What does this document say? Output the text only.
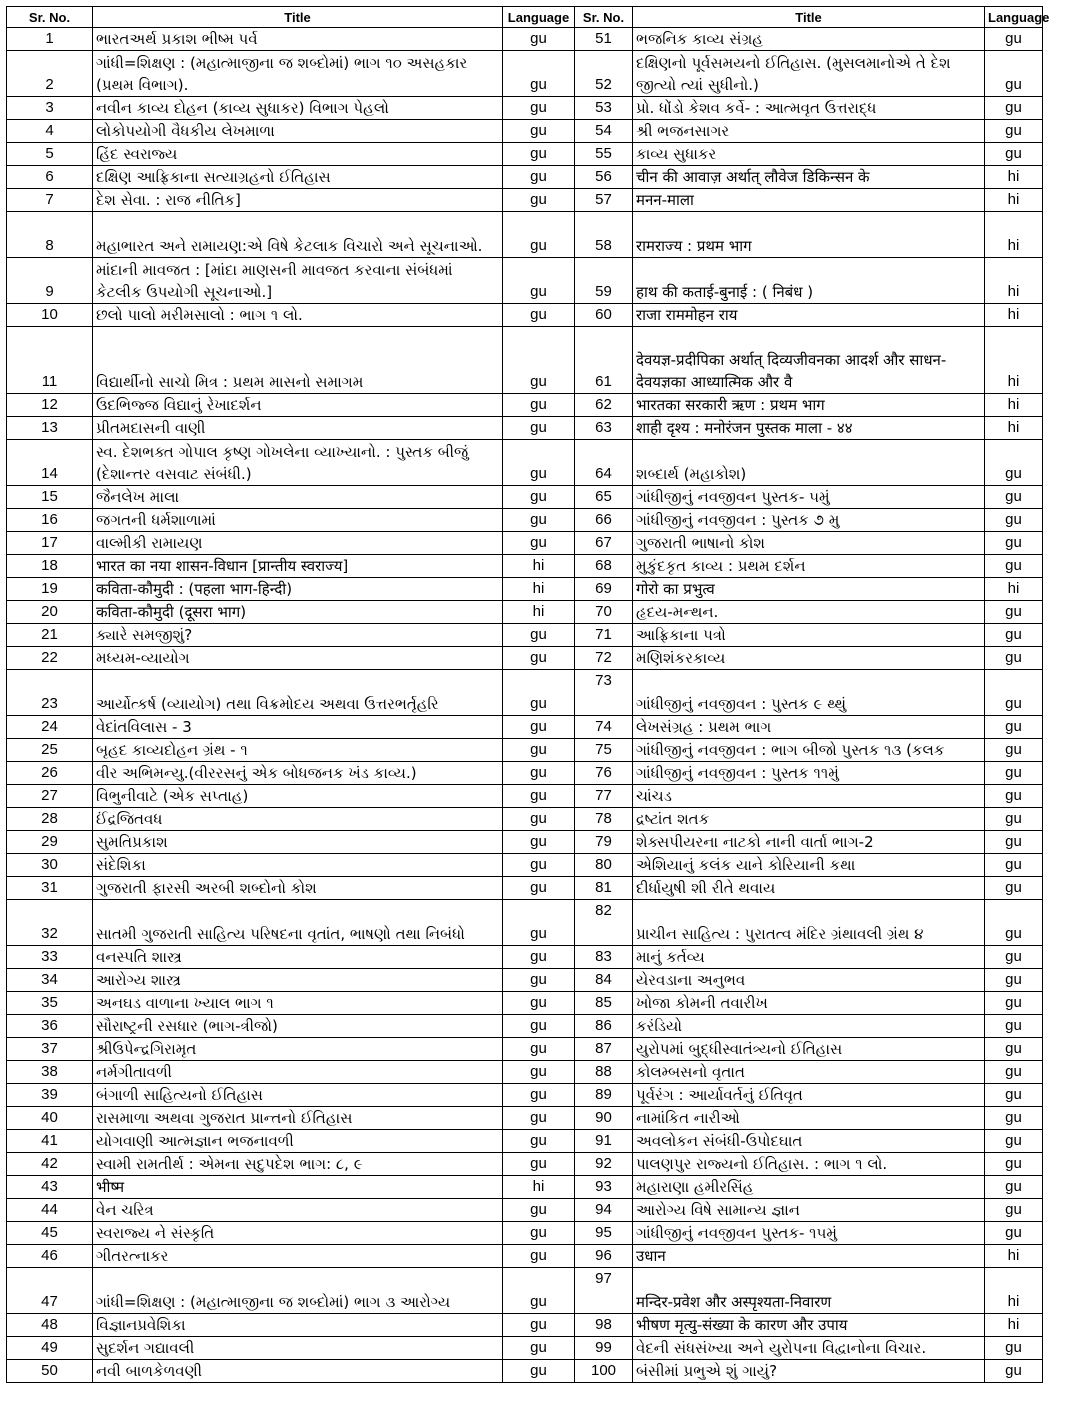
Sr. No.	Title	Language	Sr. No.	Title	Language
1	ભારતઅર્થ પ્રકાશ ભીષ્મ પર્વ	gu	51	ભજનિક કાવ્ય સંગ્રહ	gu
2	ગાંધી=શિક્ષણ : (મહાત્માજીના જ શબ્દોમાં) ભાગ ૧૦ અસહકાર (પ્રથમ વિભાગ).	gu	52	દક્ષિણનો પૂર્વસમયનો ઈતિહાસ. (મુસલમાનોએ તે દેશ જીત્યો ત્યાં સુધીનો.)	gu
3	નવીન કાવ્ય દોહન (કાવ્ય સુધાકર) વિભાગ પેહલો	gu	53	પ્રો. ધોંડો કેશવ કર્વે- : આત્મવૃત ઉત્તરાદ્ધ	gu
4	લોકોપયોગી વૈધકીય લેખમાળા	gu	54	શ્રી ભજનસાગર	gu
5	હિંદ સ્વરાજ્ય	gu	55	કાવ્ય સુધાકર	gu
6	દક્ષિણ આફ્રિકાના સત્યાગ્રહનો ઈતિહાસ	gu	56	चीन की आवाज़ अर्थात् लौवेज डिकिन्सन के	hi
7	દેશ સેવા. : રાજ નીતિક]	gu	57	मनन-माला	hi
8	મહાભારત અને રામાયણ:એ વિષે કેટલાક વિચારો અને સૂચનાઓ.	gu	58	रामराज्य : प्रथम भाग	hi
9	માંદાની માવજત : [માંદા માણસની માવજત કરવાના સંબંધમાં કેટલીક ઉપયોગી સૂચનાઓ.]	gu	59	हाथ की कताई-बुनाई : ( निबंध )	hi
10	છલો પાલો મરીમસાલો : ભાગ ૧ લો.	gu	60	राजा राममोहन राय	hi
11	વિદ્યાર્થીનો સાચો મિત્ર : પ્રથમ માસનો સમાગમ	gu	61	देवयज्ञ-प्रदीपिका अर्थात् दिव्यजीवनका आदर्श और साधन-देवयज्ञका आध्यात्मिक और वै	hi
12	ઉદભિજ્જ વિદ્યાનું રેખાદર્શન	gu	62	भारतका सरकारी ऋण : प्रथम भाग	hi
13	પ્રીતમદાસની વાણી	gu	63	शाही दृश्य : मनोरंजन पुस्तक माला - ४४	hi
14	સ્વ. દેશભક્ત ગોપાલ કૃષ્ણ ગોખલેના વ્યાખ્યાનો. : પુસ્તક બીજું (દેશાન્તર વસવાટ સંબંધી.)	gu	64	શબ્દાર્થ (મહાકોશ)	gu
15	જૈનલેખ માલા	gu	65	ગાંધીજીનું નવજીવન પુસ્તક- ૫મું	gu
16	જગતની ધર્મશાળામાં	gu	66	ગાંધીજીનું નવજીવન : પુસ્તક ૭ મુ	gu
17	વાલ્મીકી રામાયણ	gu	67	ગુજરાતી ભાષાનો કોશ	gu
18	भारत का नया शासन-विधान [प्रान्तीय स्वराज्य]	hi	68	મુકુંદકૃત કાવ્ય : પ્રથમ દર્શન	gu
19	कविता-कौमुदी : (पहला भाग-हिन्दी)	hi	69	गोरो का प्रभुत्व	hi
20	कविता-कौमुदी (दूसरा भाग)	hi	70	હૃદય-મન્થન.	gu
21	ક્યારે સમજીશું?	gu	71	આફ્રિકાના પત્રો	gu
22	મધ્યમ-વ્યાયોગ	gu	72	મણિશંકરકાવ્ય	gu
23	આર્યોત્કર્ષ (વ્યાયોગ) તથા વિક્રમોદય અથવા ઉત્તરભર્તૃહરિ	gu	73	ગાંધીજીનું નવજીવન : પુસ્તક ૯ થ્થું	gu
24	વેદાંતવિલાસ - 3	gu	74	લેખસંગ્રહ : પ્રથમ ભાગ	gu
25	બૃહદ કાવ્યદોહન ગ્રંથ - ૧	gu	75	ગાંધીજીનું નવજીવન : ભાગ બીજો પુસ્તક ૧૩ (કલક	gu
26	વીર અભિમન્યુ.(વીરરસનું એક બોધજનક ખંડ કાવ્ય.)	gu	76	ગાંધીજીનું નવજીવન : પુસ્તક ૧૧મું	gu
27	વિભુનીવાટે (એક સપ્તાહ)	gu	77	ચાંચડ	gu
28	ઈંદ્રજિતવધ	gu	78	દ્રષ્ટાંત શતક	gu
29	સુમતિપ્રકાશ	gu	79	શેક્સપીયરના નાટકો નાની વાર્તા ભાગ-2	gu
30	સંદેશિકા	gu	80	એશિયાનું કલંક યાને કોરિયાની કથા	gu
31	ગુજરાતી ફારસી અરબી શબ્દોનો કોશ	gu	81	દીર્ધાયુષી શી રીતે થવાય	gu
32	સાતમી ગુજરાતી સાહિત્ય પરિષદના વૃતાંત, ભાષણો તથા નિબંધો	gu	82	પ્રાચીન સાહિત્ય : પુરાતત્વ મંદિર ગ્રંથાવલી ગ્રંથ ૪	gu
33	વનસ્પતિ શાસ્ત્ર	gu	83	માનું કર્તવ્ય	gu
34	આરોગ્ય શાસ્ત્ર	gu	84	યેરવડાના અનુભવ	gu
35	અનઘડ વાળાના ખ્યાલ ભાગ ૧	gu	85	ખોજા કોમની તવારીખ	gu
36	સૌરાષ્ટ્રની રસધાર (ભાગ-ત્રીજો)	gu	86	કરંડિયો	gu
37	શ્રીઉપેન્દ્રગિરામૃત	gu	87	યુરોપમાં બુદ્ધીસ્વાતંત્ર્યનો ઈતિહાસ	gu
38	નર્મગીતાવળી	gu	88	કોલમ્બસનો વૃતાત	gu
39	બંગાળી સાહિત્યનો ઈતિહાસ	gu	89	પૂર્વરંગ : આર્યાવર્તનું ઈતિવૃત	gu
40	રાસમાળા અથવા ગુજરાત પ્રાન્તનો ઈતિહાસ	gu	90	નામાંકિત નારીઓ	gu
41	યોગવાણી આત્મજ્ઞાન ભજનાવળી	gu	91	અવલોકન સંબંધી-ઉપોદઘાત	gu
42	સ્વામી રામતીર્થ : એમના સદુપદેશ ભાગ: ૮, ૯	gu	92	પાલણપુર રાજ્યનો ઈતિહાસ. : ભાગ ૧ લો.	gu
43	भीष्म	hi	93	મહારાણા હમીરસિંહ	gu
44	વેન ચરિત્ર	gu	94	આરોગ્ય વિષે સામાન્ય જ્ઞાન	gu
45	સ્વરાજ્ય ને સંસ્કૃતિ	gu	95	ગાંધીજીનું નવજીવન પુસ્તક- ૧૫મું	gu
46	ગીતરત્નાકર	gu	96	उधान	hi
47	ગાંધી=શિક્ષણ : (મહાત્માજીના જ શબ્દોમાં) ભાગ ૩ આરોગ્ય	gu	97	मन्दिर-प्रवेश और अस्पृश्यता-निवारण	hi
48	વિજ્ઞાનપ્રવેશિકા	gu	98	भीषण मृत्यु-संख्या के कारण और उपाय	hi
49	સુદર્શન ગદ્યાવલી	gu	99	વેદની સંધસંખ્યા અને યુરોપના વિદ્વાનોના વિચાર.	gu
50	નવી બાળકેળવણી	gu	100	બંસીમાં પ્રભુએ શું ગાયું?	gu
